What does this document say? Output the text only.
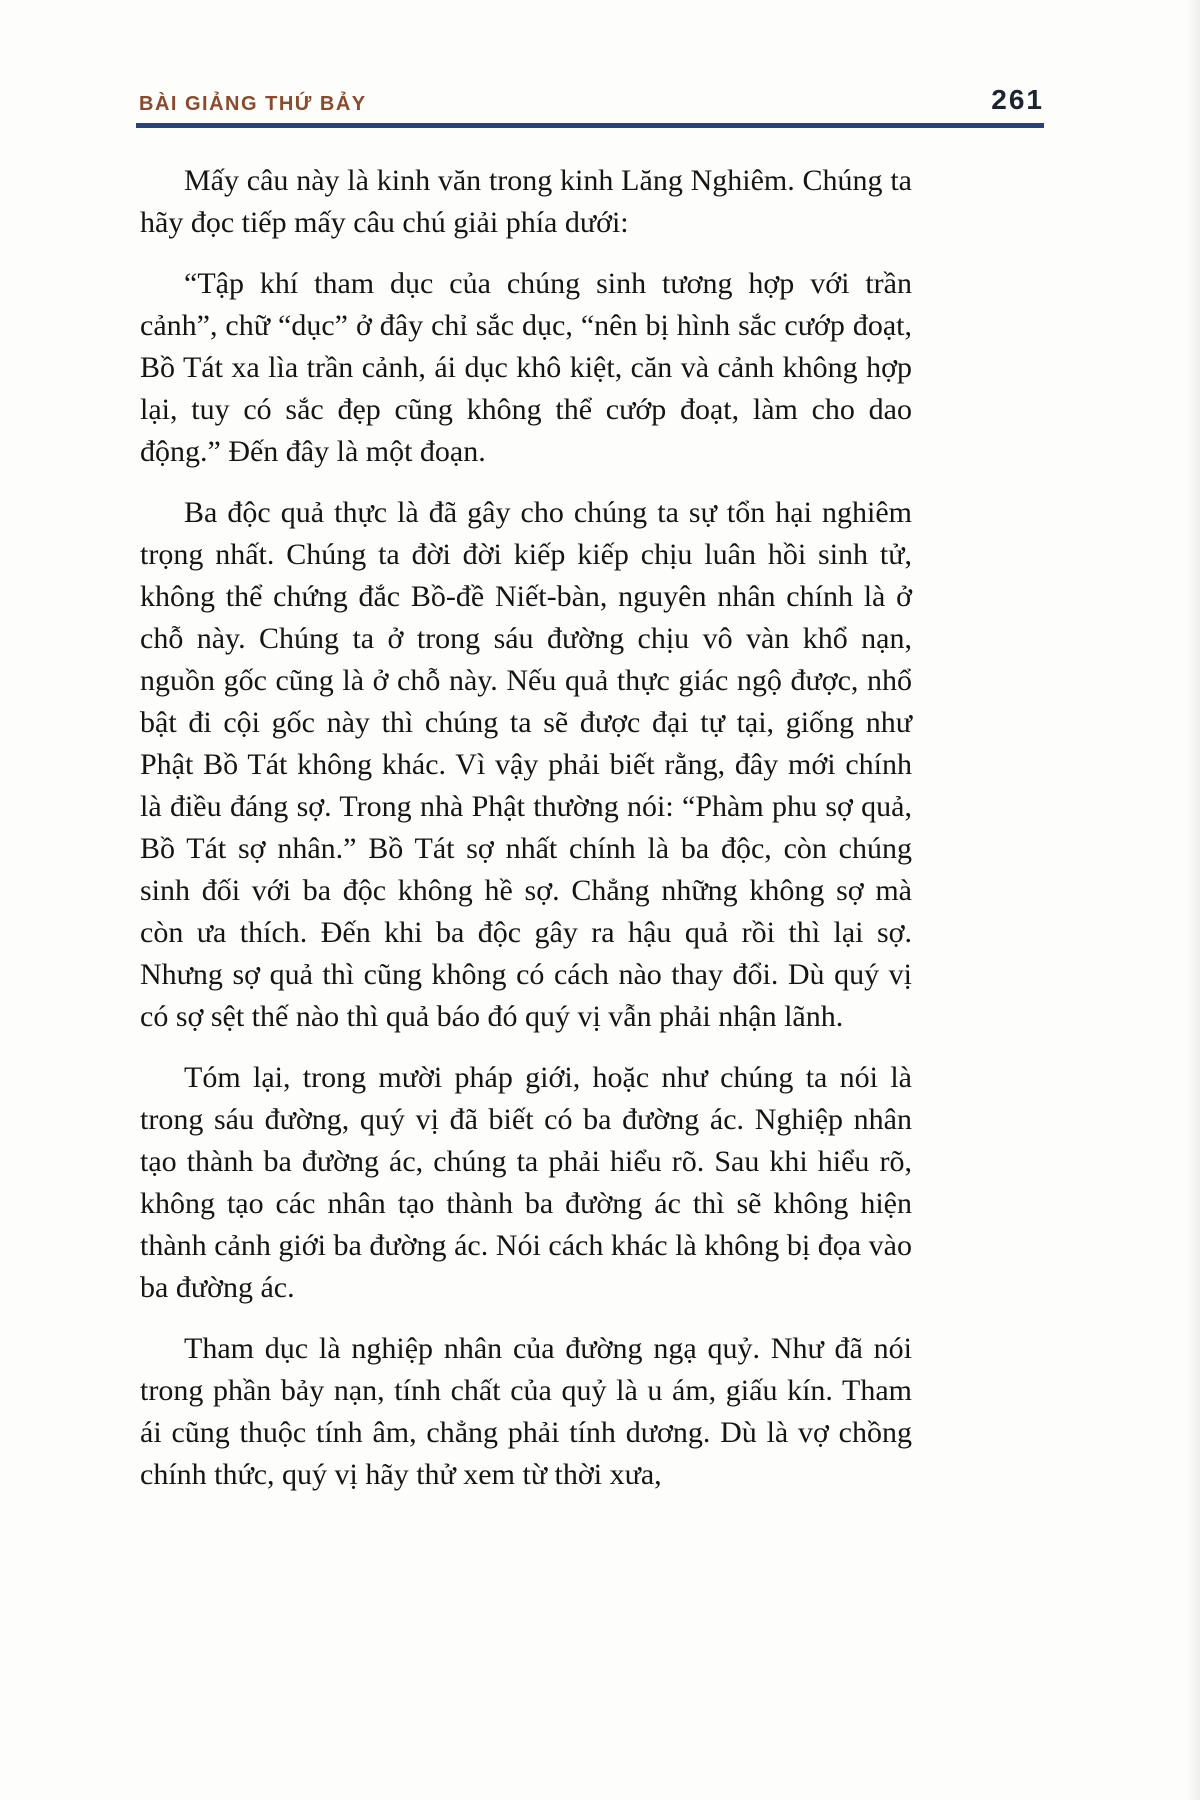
BÀI GIẢNG THỨ BẢY	261

Mấy câu này là kinh văn trong kinh Lăng Nghiêm. Chúng ta hãy đọc tiếp mấy câu chú giải phía dưới:

“Tập khí tham dục của chúng sinh tương hợp với trần cảnh”, chữ “dục” ở đây chỉ sắc dục, “nên bị hình sắc cướp đoạt, Bồ Tát xa lìa trần cảnh, ái dục khô kiệt, căn và cảnh không hợp lại, tuy có sắc đẹp cũng không thể cướp đoạt, làm cho dao động.” Đến đây là một đoạn.

Ba độc quả thực là đã gây cho chúng ta sự tổn hại nghiêm trọng nhất. Chúng ta đời đời kiếp kiếp chịu luân hồi sinh tử, không thể chứng đắc Bồ-đề Niết-bàn, nguyên nhân chính là ở chỗ này. Chúng ta ở trong sáu đường chịu vô vàn khổ nạn, nguồn gốc cũng là ở chỗ này. Nếu quả thực giác ngộ được, nhổ bật đi cội gốc này thì chúng ta sẽ được đại tự tại, giống như Phật Bồ Tát không khác. Vì vậy phải biết rằng, đây mới chính là điều đáng sợ. Trong nhà Phật thường nói: “Phàm phu sợ quả, Bồ Tát sợ nhân.” Bồ Tát sợ nhất chính là ba độc, còn chúng sinh đối với ba độc không hề sợ. Chẳng những không sợ mà còn ưa thích. Đến khi ba độc gây ra hậu quả rồi thì lại sợ. Nhưng sợ quả thì cũng không có cách nào thay đổi. Dù quý vị có sợ sệt thế nào thì quả báo đó quý vị vẫn phải nhận lãnh.

Tóm lại, trong mười pháp giới, hoặc như chúng ta nói là trong sáu đường, quý vị đã biết có ba đường ác. Nghiệp nhân tạo thành ba đường ác, chúng ta phải hiểu rõ. Sau khi hiểu rõ, không tạo các nhân tạo thành ba đường ác thì sẽ không hiện thành cảnh giới ba đường ác. Nói cách khác là không bị đọa vào ba đường ác.

Tham dục là nghiệp nhân của đường ngạ quỷ. Như đã nói trong phần bảy nạn, tính chất của quỷ là u ám, giấu kín. Tham ái cũng thuộc tính âm, chẳng phải tính dương. Dù là vợ chồng chính thức, quý vị hãy thử xem từ thời xưa,
